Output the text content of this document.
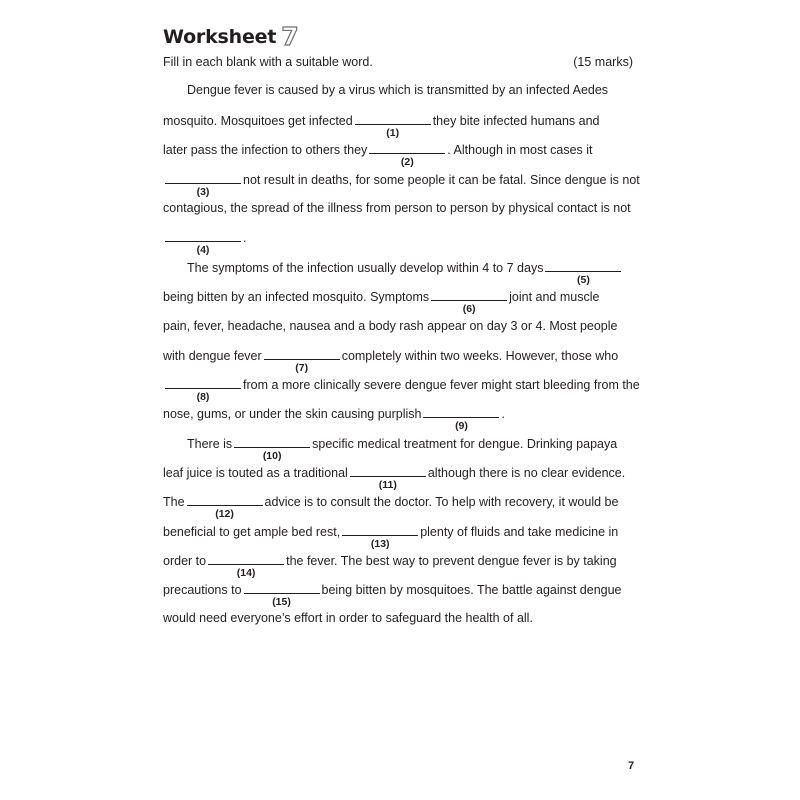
Worksheet 7
Fill in each blank with a suitable word.	(15 marks)
Dengue fever is caused by a virus which is transmitted by an infected Aedes
mosquito. Mosquitoes get infected
(1)
they bite infected humans and
later pass the infection to others they
(2)
. Although in most cases it
(3)
not result in deaths, for some people it can be fatal. Since dengue is not
contagious, the spread of the illness from person to person by physical contact is not
(4)
.
The symptoms of the infection usually develop within 4 to 7 days
(5)
being bitten by an infected mosquito. Symptoms
(6)
joint and muscle
pain, fever, headache, nausea and a body rash appear on day 3 or 4. Most people
with dengue fever
(7)
completely within two weeks. However, those who
(8)
from a more clinically severe dengue fever might start bleeding from the
nose, gums, or under the skin causing purplish
(9)
.
There is
(10)
specific medical treatment for dengue. Drinking papaya
leaf juice is touted as a traditional
(11)
although there is no clear evidence.
The
(12)
advice is to consult the doctor. To help with recovery, it would be
beneficial to get ample bed rest,
(13)
plenty of fluids and take medicine in
order to
(14)
the fever. The best way to prevent dengue fever is by taking
precautions to
(15)
being bitten by mosquitoes. The battle against dengue
would need everyone’s effort in order to safeguard the health of all.
7
